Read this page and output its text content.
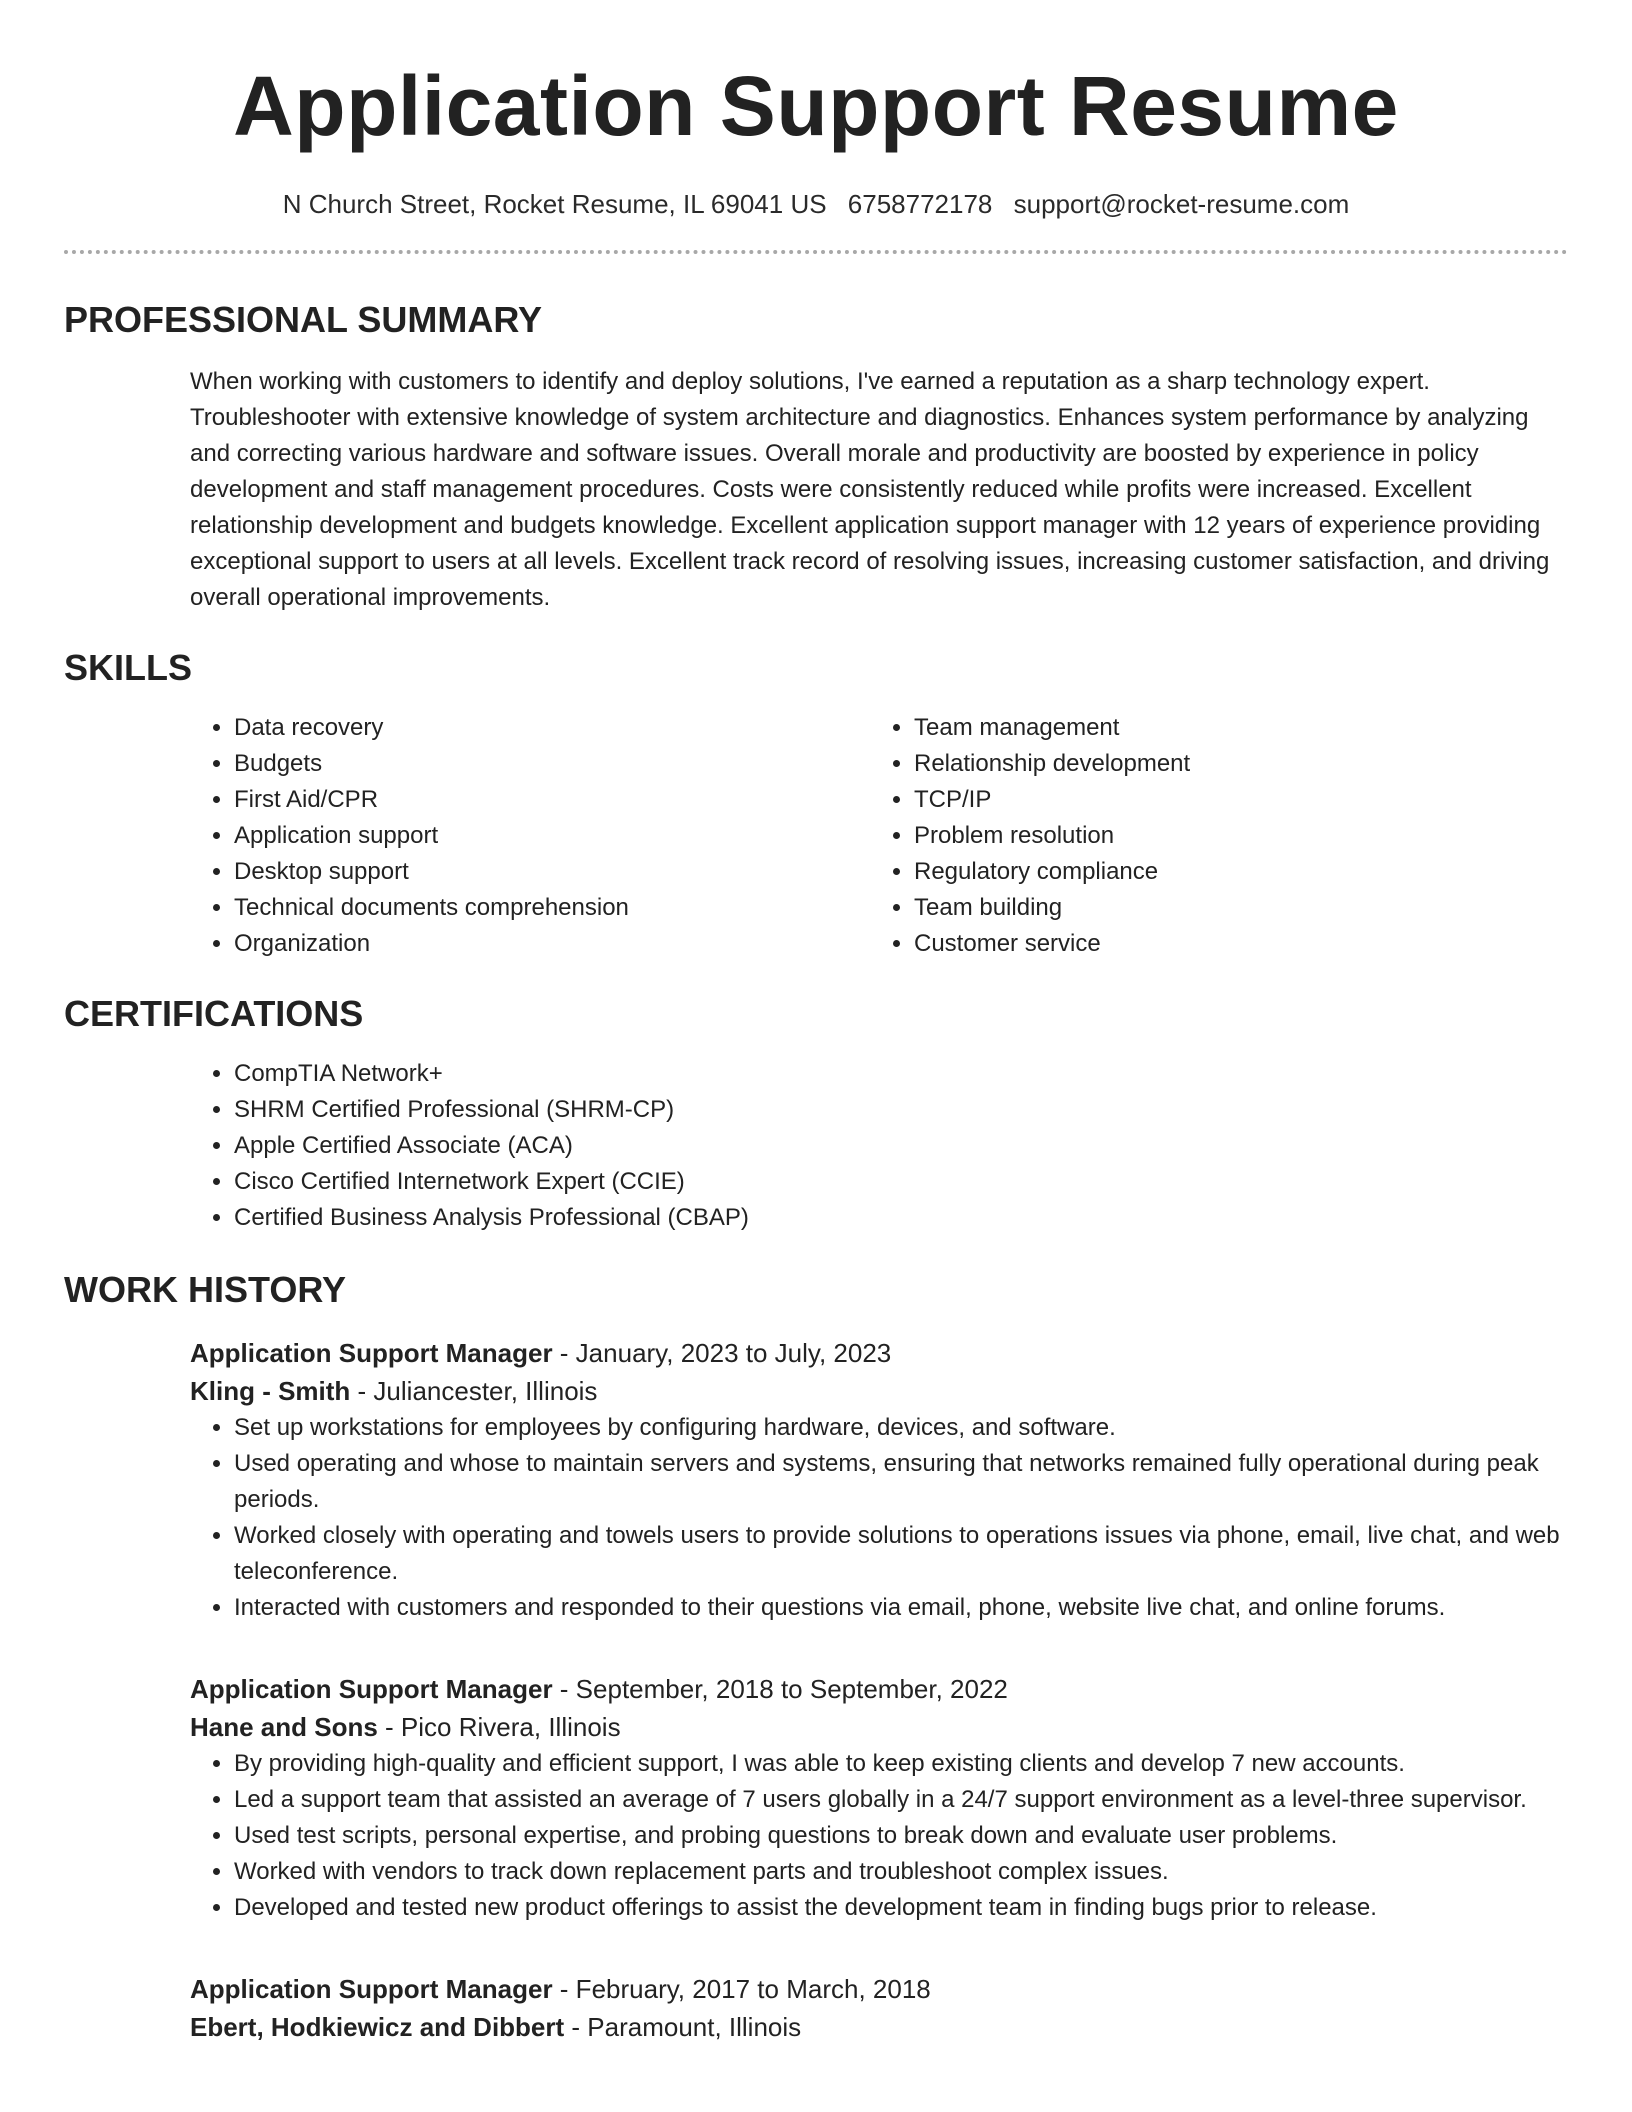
Application Support Resume
N Church Street, Rocket Resume, IL 69041 US 6758772178 support@rocket-resume.com
PROFESSIONAL SUMMARY

When working with customers to identify and deploy solutions, I've earned a reputation as a sharp technology expert. Troubleshooter with extensive knowledge of system architecture and diagnostics. Enhances system performance by analyzing and correcting various hardware and software issues. Overall morale and productivity are boosted by experience in policy development and staff management procedures. Costs were consistently reduced while profits were increased. Excellent relationship development and budgets knowledge. Excellent application support manager with 12 years of experience providing exceptional support to users at all levels. Excellent track record of resolving issues, increasing customer satisfaction, and driving overall operational improvements.

SKILLS
• Data recovery
• Budgets
• First Aid/CPR
• Application support
• Desktop support
• Technical documents comprehension
• Organization
• Team management
• Relationship development
• TCP/IP
• Problem resolution
• Regulatory compliance
• Team building
• Customer service
CERTIFICATIONS
• CompTIA Network+
• SHRM Certified Professional (SHRM-CP)
• Apple Certified Associate (ACA)
• Cisco Certified Internetwork Expert (CCIE)
• Certified Business Analysis Professional (CBAP)
WORK HISTORY
Application Support Manager - January, 2023 to July, 2023
Kling - Smith - Juliancester, Illinois
• Set up workstations for employees by configuring hardware, devices, and software.
• Used operating and whose to maintain servers and systems, ensuring that networks remained fully operational during peak periods.
• Worked closely with operating and towels users to provide solutions to operations issues via phone, email, live chat, and web teleconference.
• Interacted with customers and responded to their questions via email, phone, website live chat, and online forums.
Application Support Manager - September, 2018 to September, 2022
Hane and Sons - Pico Rivera, Illinois
• By providing high-quality and efficient support, I was able to keep existing clients and develop 7 new accounts.
• Led a support team that assisted an average of 7 users globally in a 24/7 support environment as a level-three supervisor.
• Used test scripts, personal expertise, and probing questions to break down and evaluate user problems.
• Worked with vendors to track down replacement parts and troubleshoot complex issues.
• Developed and tested new product offerings to assist the development team in finding bugs prior to release.
Application Support Manager - February, 2017 to March, 2018
Ebert, Hodkiewicz and Dibbert - Paramount, Illinois
